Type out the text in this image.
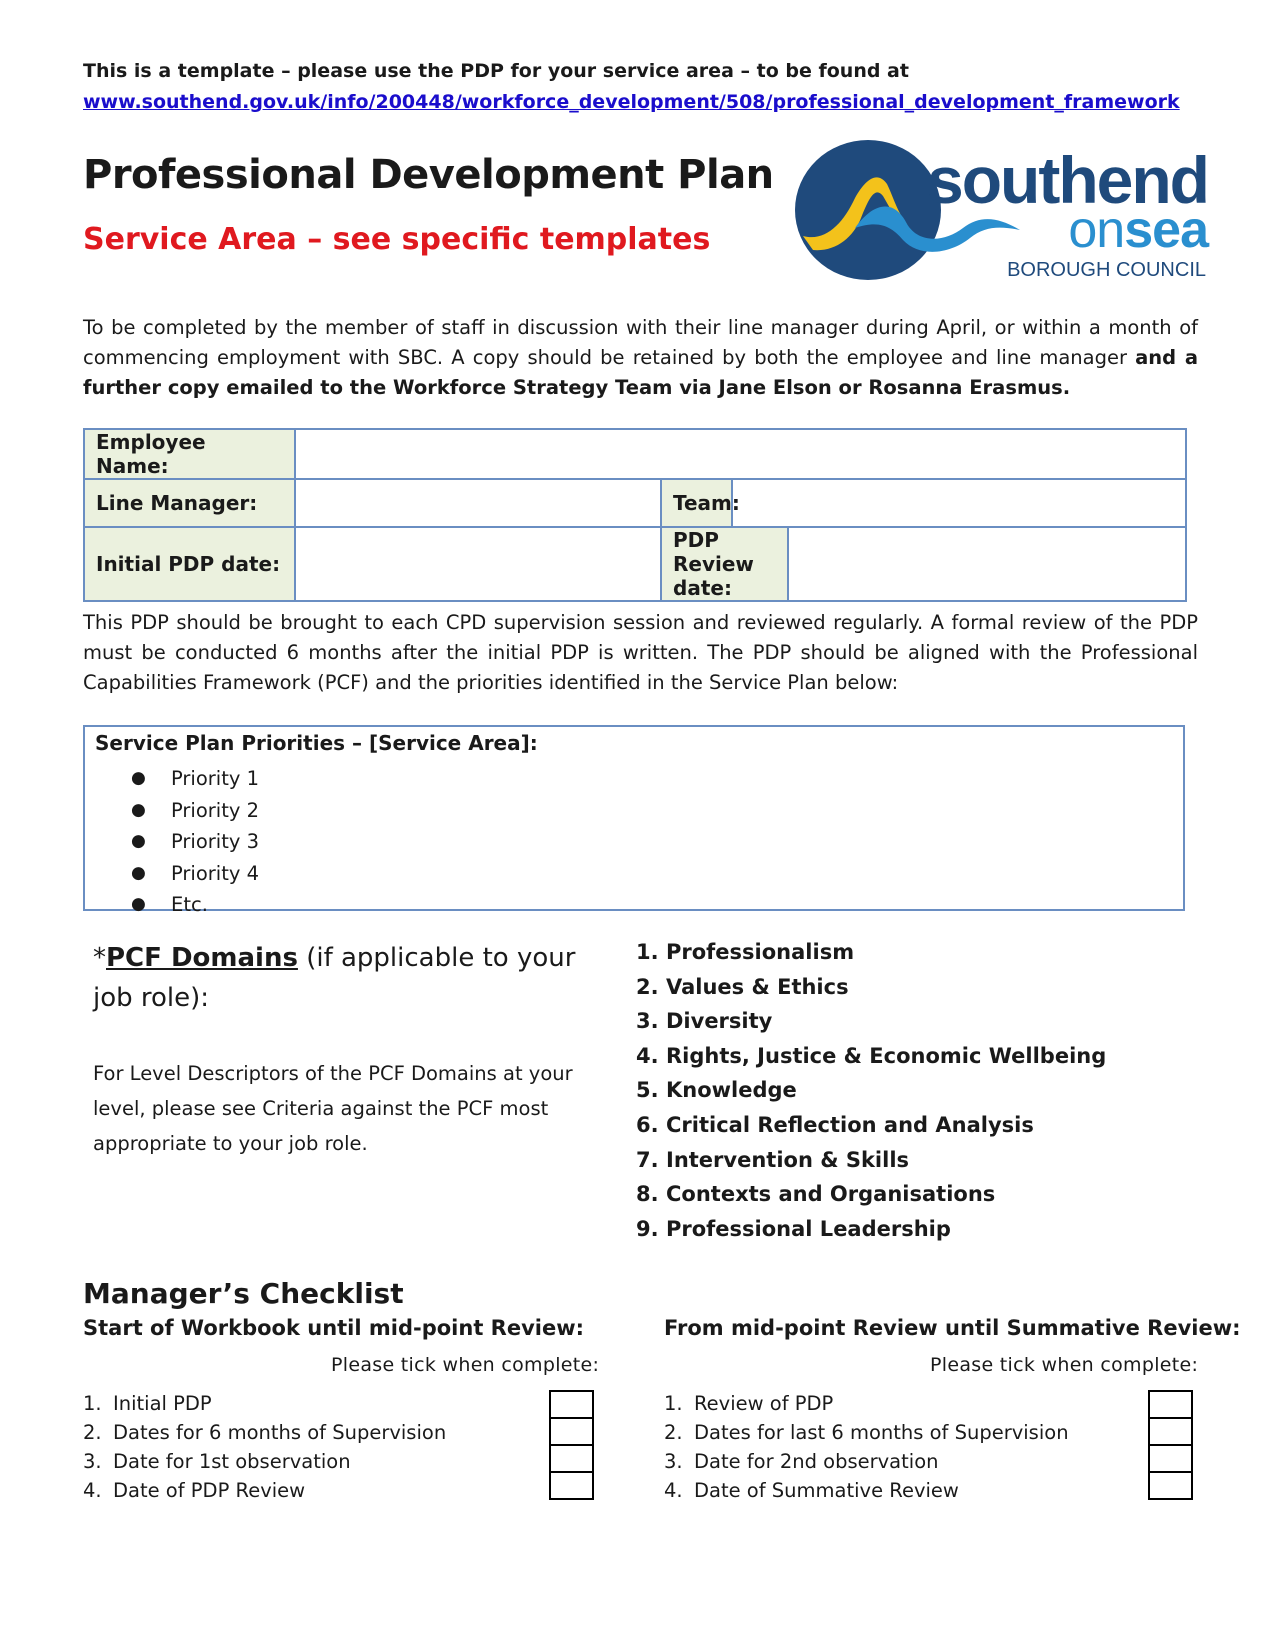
This is a template – please use the PDP for your service area – to be found at
www.southend.gov.uk/info/200448/workforce_development/508/professional_development_framework
Professional Development Plan
Service Area – see specific templates
southend
onsea
BOROUGH COUNCIL
To be completed by the member of staff in discussion with their line manager during April, or within a month of commencing employment with SBC. A copy should be retained by both the employee and line manager and a further copy emailed to the Workforce Strategy Team via Jane Elson or Rosanna Erasmus.
Employee Name:				
Line Manager:		Team:		
Initial PDP date:		PDP Review date:		
This PDP should be brought to each CPD supervision session and reviewed regularly. A formal review of the PDP must be conducted 6 months after the initial PDP is written. The PDP should be aligned with the Professional Capabilities Framework (PCF) and the priorities identified in the Service Plan below:
Service Plan Priorities – [Service Area]:
● Priority 1
● Priority 2
● Priority 3
● Priority 4
● Etc.
*PCF Domains (if applicable to your job role):
For Level Descriptors of the PCF Domains at your level, please see Criteria against the PCF most appropriate to your job role.
1. Professionalism
2. Values & Ethics
3. Diversity
4. Rights, Justice & Economic Wellbeing
5. Knowledge
6. Critical Reflection and Analysis
7. Intervention & Skills
8. Contexts and Organisations
9. Professional Leadership
Manager’s Checklist
Start of Workbook until mid-point Review:	From mid-point Review until Summative Review:
Please tick when complete:	Please tick when complete:
1. Initial PDP
2. Dates for 6 months of Supervision
3. Date for 1st observation
4. Date of PDP Review
1. Review of PDP
2. Dates for last 6 months of Supervision
3. Date for 2nd observation
4. Date of Summative Review
